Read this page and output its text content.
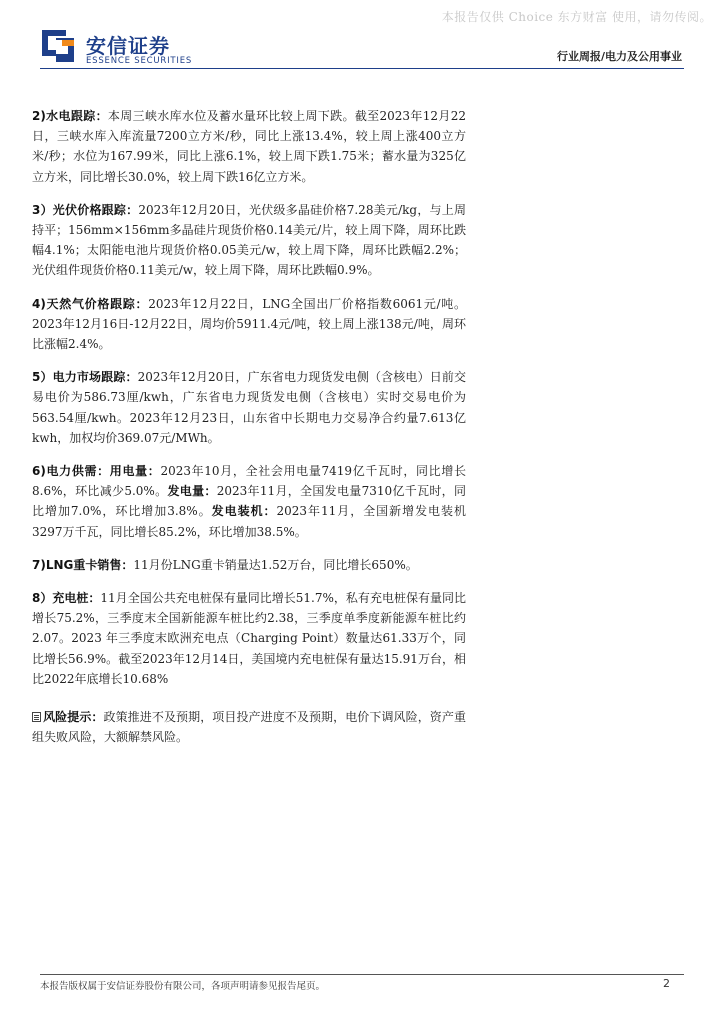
本报告仅供 Choice 东方财富 使用，请勿传阅。
安信证券
ESSENCE SECURITIES	行业周报/电力及公用事业

2)水电跟踪：本周三峡水库水位及蓄水量环比较上周下跌。截至2023年12月22日，三峡水库入库流量7200立方米/秒，同比上涨13.4%，较上周上涨400立方米/秒；水位为167.99米，同比上涨6.1%，较上周下跌1.75米；蓄水量为325亿立方米，同比增长30.0%，较上周下跌16亿立方米。

3）光伏价格跟踪：2023年12月20日，光伏级多晶硅价格7.28美元/kg，与上周持平；156mm×156mm多晶硅片现货价格0.14美元/片，较上周下降，周环比跌幅4.1%；太阳能电池片现货价格0.05美元/w，较上周下降，周环比跌幅2.2%；光伏组件现货价格0.11美元/w，较上周下降，周环比跌幅0.9%。

4)天然气价格跟踪：2023年12月22日，LNG全国出厂价格指数6061元/吨。2023年12月16日-12月22日，周均价5911.4元/吨，较上周上涨138元/吨，周环比涨幅2.4%。

5）电力市场跟踪：2023年12月20日，广东省电力现货发电侧（含核电）日前交易电价为586.73厘/kwh，广东省电力现货发电侧（含核电）实时交易电价为563.54厘/kwh。2023年12月23日，山东省中长期电力交易净合约量7.613亿kwh，加权均价369.07元/MWh。

6)电力供需：用电量：2023年10月，全社会用电量7419亿千瓦时，同比增长8.6%，环比减少5.0%。发电量：2023年11月，全国发电量7310亿千瓦时，同比增加7.0%，环比增加3.8%。发电装机：2023年11月，全国新增发电装机3297万千瓦，同比增长85.2%，环比增加38.5%。

7)LNG重卡销售：11月份LNG重卡销量达1.52万台，同比增长650%。

8）充电桩：11月全国公共充电桩保有量同比增长51.7%，私有充电桩保有量同比增长75.2%，三季度末全国新能源车桩比约2.38，三季度单季度新能源车桩比约 2.07。2023 年三季度末欧洲充电点（Charging Point）数量达61.33万个，同比增长56.9%。截至2023年12月14日，美国境内充电桩保有量达15.91万台，相比2022年底增长10.68%

风险提示：政策推进不及预期，项目投产进度不及预期，电价下调风险，资产重组失败风险，大额解禁风险。

本报告版权属于安信证券股份有限公司，各项声明请参见报告尾页。	2
